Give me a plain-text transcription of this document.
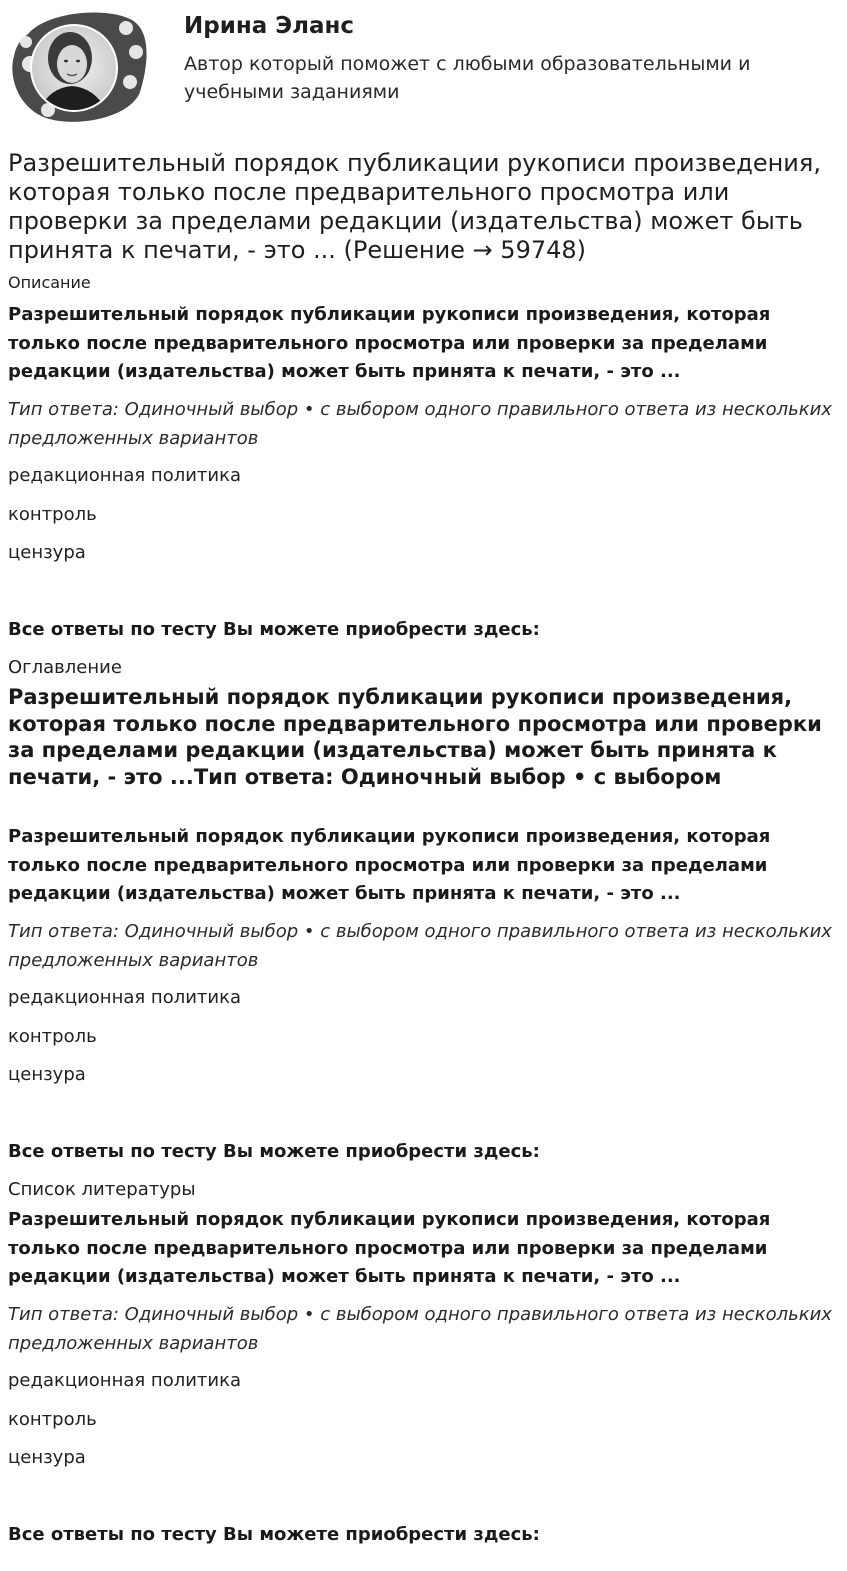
Ирина Эланс
Автор который поможет с любыми образовательными и учебными заданиями
Разрешительный порядок публикации рукописи произведения, которая только после предварительного просмотра или проверки за пределами редакции (издательства) может быть принята к печати, - это ... (Решение → 59748)
Описание
Разрешительный порядок публикации рукописи произведения, которая только после предварительного просмотра или проверки за пределами редакции (издательства) может быть принята к печати, - это ...
Тип ответа: Одиночный выбор • с выбором одного правильного ответа из нескольких предложенных вариантов
редакционная политика
контроль
цензура
Все ответы по тесту Вы можете приобрести здесь:
Оглавление
Разрешительный порядок публикации рукописи произведения, которая только после предварительного просмотра или проверки за пределами редакции (издательства) может быть принята к печати, - это ...Тип ответа: Одиночный выбор • с выбором
Разрешительный порядок публикации рукописи произведения, которая только после предварительного просмотра или проверки за пределами редакции (издательства) может быть принята к печати, - это ...
Тип ответа: Одиночный выбор • с выбором одного правильного ответа из нескольких предложенных вариантов
редакционная политика
контроль
цензура
Все ответы по тесту Вы можете приобрести здесь:
Список литературы
Разрешительный порядок публикации рукописи произведения, которая только после предварительного просмотра или проверки за пределами редакции (издательства) может быть принята к печати, - это ...
Тип ответа: Одиночный выбор • с выбором одного правильного ответа из нескольких предложенных вариантов
редакционная политика
контроль
цензура
Все ответы по тесту Вы можете приобрести здесь:
